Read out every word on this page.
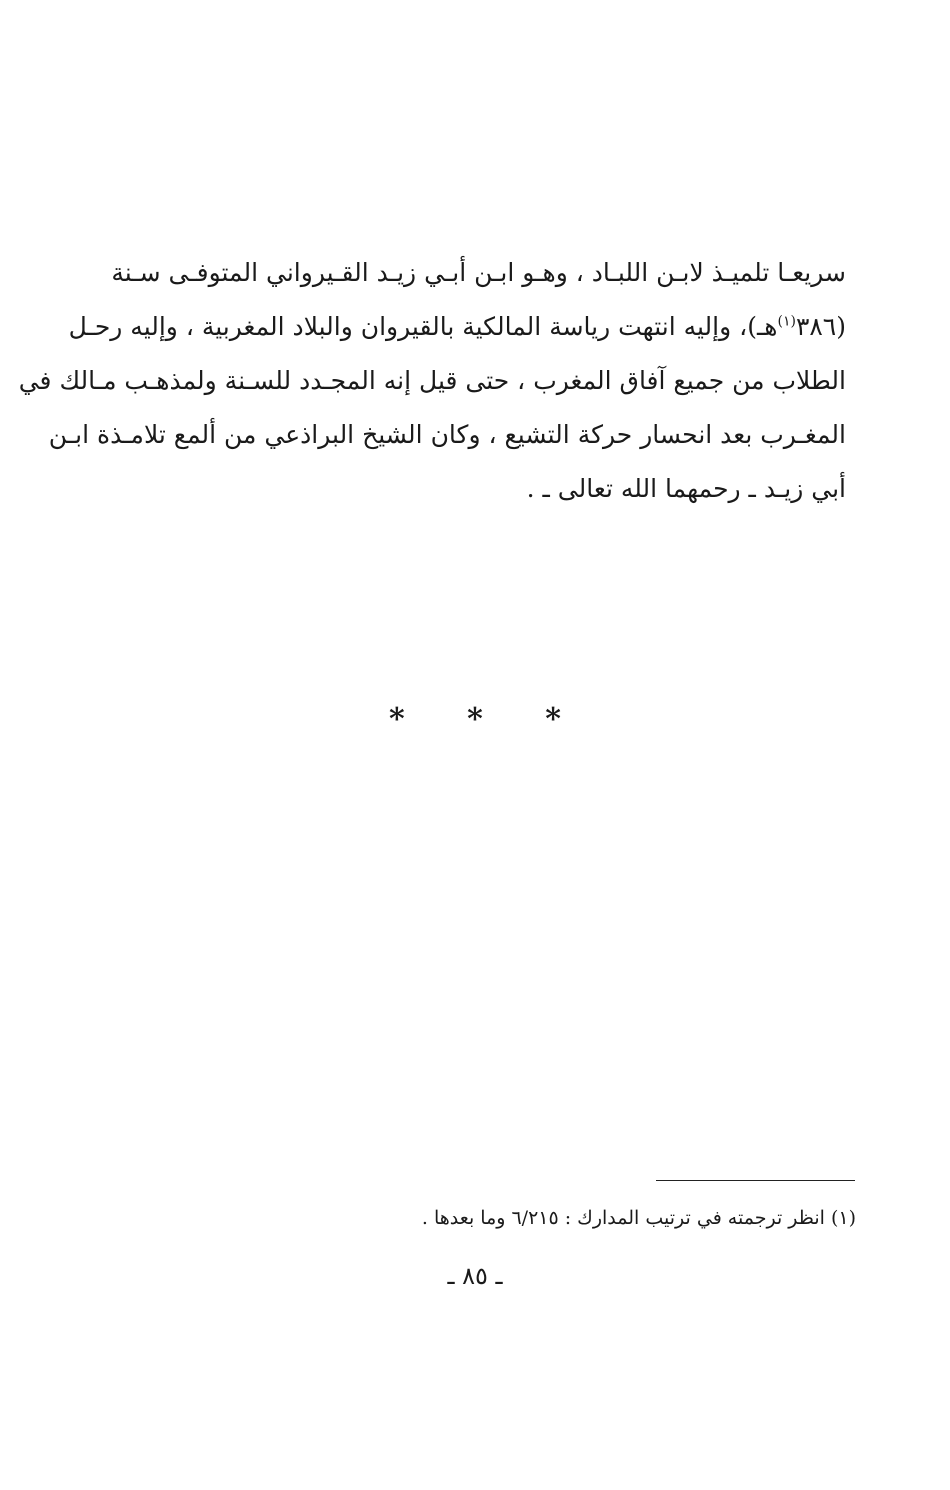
سريعـا تلميـذ لابـن اللبـاد ، وهـو ابـن أبـي زيـد القـيرواني المتوفـى سـنة
(٣٨٦$^{(١)}$هـ)، وإليه انتهت رياسة المالكية بالقيروان والبلاد المغربية ، وإليه رحـل
الطلاب من جميع آفاق المغرب ، حتى قيل إنه المجـدد للسـنة ولمذهـب مـالك في
المغـرب بعد انحسار حركة التشيع ، وكان الشيخ البراذعي من ألمع تلامـذة ابـن
أبي زيـد ـ رحمهما الله تعالى ـ .
* * *
(١) انظر ترجمته في ترتيب المدارك : ٦/٢١٥ وما بعدها .
ـ ٨٥ ـ
